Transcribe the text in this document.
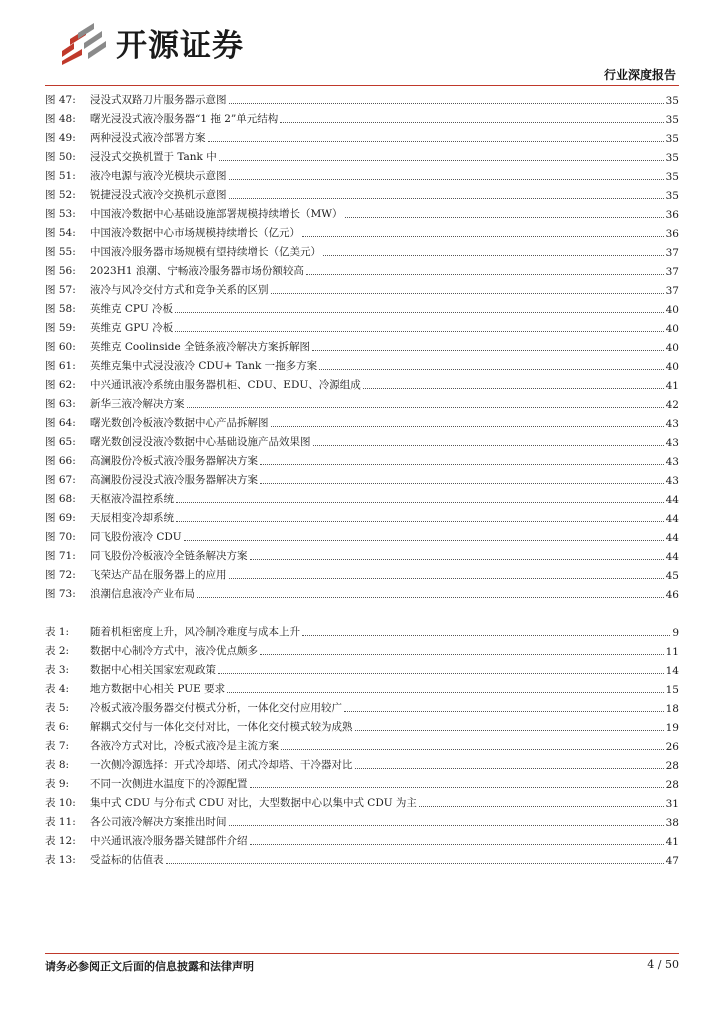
开源证券
行业深度报告
图 47:	浸没式双路刀片服务器示意图	35
图 48:	曙光浸没式液冷服务器“1 拖 2”单元结构	35
图 49:	两种浸没式液冷部署方案	35
图 50:	浸没式交换机置于 Tank 中	35
图 51:	液冷电源与液冷光模块示意图	35
图 52:	锐捷浸没式液冷交换机示意图	35
图 53:	中国液冷数据中心基础设施部署规模持续增长（MW）	36
图 54:	中国液冷数据中心市场规模持续增长（亿元）	36
图 55:	中国液冷服务器市场规模有望持续增长（亿美元）	37
图 56:	2023H1 浪潮、宁畅液冷服务器市场份额较高	37
图 57:	液冷与风冷交付方式和竞争关系的区别	37
图 58:	英维克 CPU 冷板	40
图 59:	英维克 GPU 冷板	40
图 60:	英维克 Coolinside 全链条液冷解决方案拆解图	40
图 61:	英维克集中式浸没液冷 CDU+ Tank 一拖多方案	40
图 62:	中兴通讯液冷系统由服务器机柜、CDU、EDU、冷源组成	41
图 63:	新华三液冷解决方案	42
图 64:	曙光数创冷板液冷数据中心产品拆解图	43
图 65:	曙光数创浸没液冷数据中心基础设施产品效果图	43
图 66:	高澜股份冷板式液冷服务器解决方案	43
图 67:	高澜股份浸没式液冷服务器解决方案	43
图 68:	天枢液冷温控系统	44
图 69:	天辰相变冷却系统	44
图 70:	同飞股份液冷 CDU	44
图 71:	同飞股份冷板液冷全链条解决方案	44
图 72:	飞荣达产品在服务器上的应用	45
图 73:	浪潮信息液冷产业布局	46
表 1:	随着机柜密度上升，风冷制冷难度与成本上升	9
表 2:	数据中心制冷方式中，液冷优点颇多	11
表 3:	数据中心相关国家宏观政策	14
表 4:	地方数据中心相关 PUE 要求	15
表 5:	冷板式液冷服务器交付模式分析，一体化交付应用较广	18
表 6:	解耦式交付与一体化交付对比，一体化交付模式较为成熟	19
表 7:	各液冷方式对比，冷板式液冷是主流方案	26
表 8:	一次侧冷源选择：开式冷却塔、闭式冷却塔、干冷器对比	28
表 9:	不同一次侧进水温度下的冷源配置	28
表 10:	集中式 CDU 与分布式 CDU 对比，大型数据中心以集中式 CDU 为主	31
表 11:	各公司液冷解决方案推出时间	38
表 12:	中兴通讯液冷服务器关键部件介绍	41
表 13:	受益标的估值表	47
请务必参阅正文后面的信息披露和法律声明	4 / 50
